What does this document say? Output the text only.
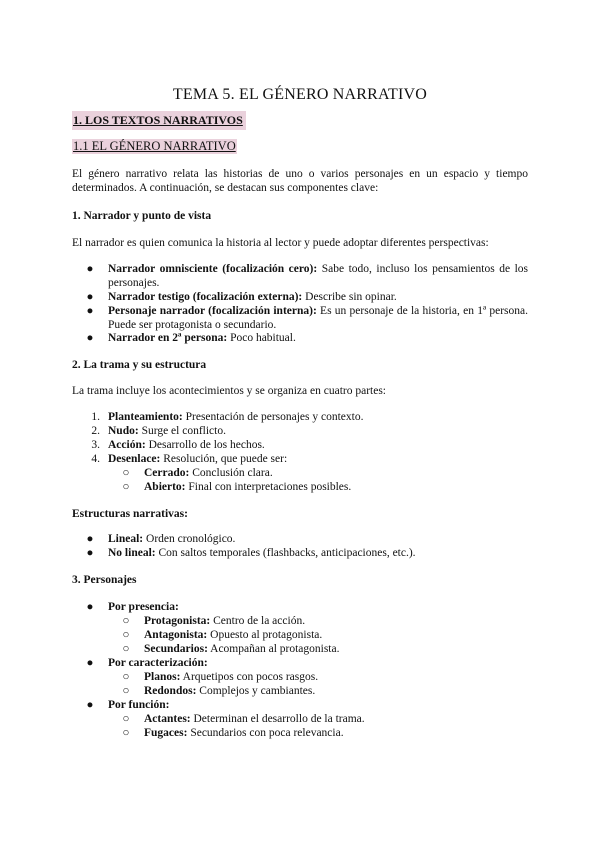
TEMA 5. EL GÉNERO NARRATIVO
1. LOS TEXTOS NARRATIVOS
1.1 EL GÉNERO NARRATIVO
El género narrativo relata las historias de uno o varios personajes en un espacio y tiempo determinados. A continuación, se destacan sus componentes clave:
1. Narrador y punto de vista
El narrador es quien comunica la historia al lector y puede adoptar diferentes perspectivas:
●	Narrador omnisciente (focalización cero): Sabe todo, incluso los pensamientos de los personajes.
●	Narrador testigo (focalización externa): Describe sin opinar.
●	Personaje narrador (focalización interna): Es un personaje de la historia, en 1ª persona. Puede ser protagonista o secundario.
●	Narrador en 2ª persona: Poco habitual.
2. La trama y su estructura
La trama incluye los acontecimientos y se organiza en cuatro partes:
1. Planteamiento: Presentación de personajes y contexto.
2. Nudo: Surge el conflicto.
3. Acción: Desarrollo de los hechos.
4. Desenlace: Resolución, que puede ser:
○	Cerrado: Conclusión clara.
○	Abierto: Final con interpretaciones posibles.
Estructuras narrativas:
●	Lineal: Orden cronológico.
●	No lineal: Con saltos temporales (flashbacks, anticipaciones, etc.).
3. Personajes
●	Por presencia:
○	Protagonista: Centro de la acción.
○	Antagonista: Opuesto al protagonista.
○	Secundarios: Acompañan al protagonista.
●	Por caracterización:
○	Planos: Arquetipos con pocos rasgos.
○	Redondos: Complejos y cambiantes.
●	Por función:
○	Actantes: Determinan el desarrollo de la trama.
○	Fugaces: Secundarios con poca relevancia.
